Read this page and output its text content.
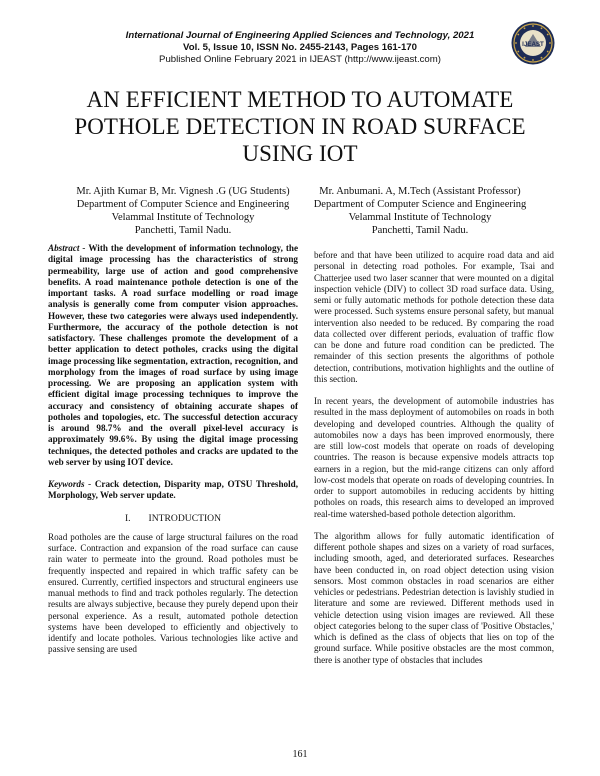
International Journal of Engineering Applied Sciences and Technology, 2021
Vol. 5, Issue 10, ISSN No. 2455-2143, Pages 161-170
Published Online February 2021 in IJEAST (http://www.ijeast.com)
IJEAST
AN EFFICIENT METHOD TO AUTOMATE
POTHOLE DETECTION IN ROAD SURFACE
USING IOT
Mr. Ajith Kumar B, Mr. Vignesh .G (UG Students)
Department of Computer Science and Engineering
Velammal Institute of Technology
Panchetti, Tamil Nadu.
Mr. Anbumani. A, M.Tech (Assistant Professor)
Department of Computer Science and Engineering
Velammal Institute of Technology
Panchetti, Tamil Nadu.

Abstract - With the development of information technology, the digital image processing has the characteristics of strong permeability, large use of action and good comprehensive benefits. A road maintenance pothole detection is one of the important tasks. A road surface modelling or road image analysis is generally come from computer vision approaches. However, these two categories were always used independently. Furthermore, the accuracy of the pothole detection is not satisfactory. These challenges promote the development of a better application to detect potholes, cracks using the digital image processing like segmentation, extraction, recognition, and morphology from the images of road surface by using image processing. We are proposing an application system with efficient digital image processing techniques to improve the accuracy and consistency of obtaining accurate shapes of potholes and topologies, etc. The successful detection accuracy is around 98.7% and the overall pixel-level accuracy is approximately 99.6%. By using the digital image processing techniques, the detected potholes and cracks are updated to the web server by using IOT device.

Keywords - Crack detection, Disparity map, OTSU Threshold, Morphology, Web server update.

I. INTRODUCTION

Road potholes are the cause of large structural failures on the road surface. Contraction and expansion of the road surface can cause rain water to permeate into the ground. Road potholes must be frequently inspected and repaired in which traffic safety can be ensured. Currently, certified inspectors and structural engineers use manual methods to find and track potholes regularly. The detection results are always subjective, because they purely depend upon their personal experience. As a result, automated pothole detection systems have been developed to efficiently and objectively to identify and locate potholes. Various technologies like active and passive sensing are used

before and that have been utilized to acquire road data and aid personal in detecting road potholes. For example, Tsai and Chatterjee used two laser scanner that were mounted on a digital inspection vehicle (DIV) to collect 3D road surface data. Using, semi or fully automatic methods for pothole detection these data were processed. Such systems ensure personal safety, but manual intervention also needed to be reduced. By comparing the road data collected over different periods, evaluation of traffic flow can be done and future road condition can be predicted. The remainder of this section presents the algorithms of pothole detection, contributions, motivation highlights and the outline of this section.

In recent years, the development of automobile industries has resulted in the mass deployment of automobiles on roads in both developing and developed countries. Although the quality of automobiles now a days has been improved enormously, there are still low-cost models that operate on roads of developing countries. The reason is because expensive models attracts top earners in a region, but the mid-range citizens can only afford low-cost models that operate on roads of developing countries. In order to support automobiles in reducing accidents by hitting potholes on roads, this research aims to developed an improved real-time watershed-based pothole detection algorithm.

The algorithm allows for fully automatic identification of different pothole shapes and sizes on a variety of road surfaces, including smooth, aged, and deteriorated surfaces. Researches have been conducted in, on road object detection using vision sensors. Most common obstacles in road scenarios are either vehicles or pedestrians. Pedestrian detection is lavishly studied in literature and some are reviewed. Different methods used in vehicle detection using vision images are reviewed. All these object categories belong to the super class of 'Positive Obstacles,' which is defined as the class of objects that lies on top of the ground surface. While positive obstacles are the most common, there is another type of obstacles that includes

161
